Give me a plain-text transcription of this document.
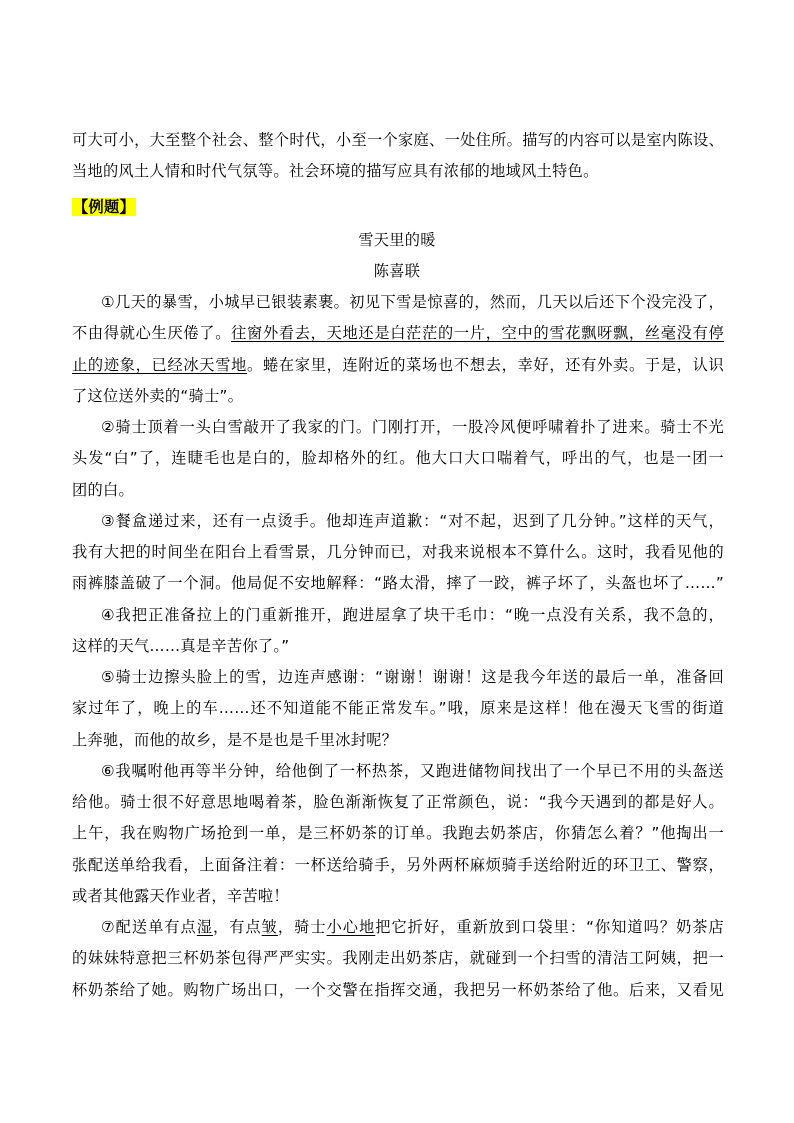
可大可小，大至整个社会、整个时代，小至一个家庭、一处住所。描写的内容可以是室内陈设、
当地的风土人情和时代气氛等。社会环境的描写应具有浓郁的地域风土特色。
【例题】
雪天里的暖
陈喜联
①几天的暴雪，小城早已银装素裹。初见下雪是惊喜的，然而，几天以后还下个没完没了，
不由得就心生厌倦了。往窗外看去，天地还是白茫茫的一片，空中的雪花飘呀飘，丝毫没有停
止的迹象，已经冰天雪地。蜷在家里，连附近的菜场也不想去，幸好，还有外卖。于是，认识
了这位送外卖的“骑士”。
②骑士顶着一头白雪敲开了我家的门。门刚打开，一股冷风便呼啸着扑了进来。骑士不光
头发“白”了，连睫毛也是白的，脸却格外的红。他大口大口喘着气，呼出的气，也是一团一
团的白。
③餐盒递过来，还有一点烫手。他却连声道歉：“对不起，迟到了几分钟。”这样的天气，
我有大把的时间坐在阳台上看雪景，几分钟而已，对我来说根本不算什么。这时，我看见他的
雨裤膝盖破了一个洞。他局促不安地解释：“路太滑，摔了一跤，裤子坏了，头盔也坏了……”
④我把正准备拉上的门重新推开，跑进屋拿了块干毛巾：“晚一点没有关系，我不急的，
这样的天气……真是辛苦你了。”
⑤骑士边擦头脸上的雪，边连声感谢：“谢谢！谢谢！这是我今年送的最后一单，准备回
家过年了，晚上的车……还不知道能不能正常发车。”哦，原来是这样！他在漫天飞雪的街道
上奔驰，而他的故乡，是不是也是千里冰封呢？
⑥我嘱咐他再等半分钟，给他倒了一杯热茶，又跑进储物间找出了一个早已不用的头盔送
给他。骑士很不好意思地喝着茶，脸色渐渐恢复了正常颜色，说：“我今天遇到的都是好人。
上午，我在购物广场抢到一单，是三杯奶茶的订单。我跑去奶茶店，你猜怎么着？”他掏出一
张配送单给我看，上面备注着：一杯送给骑手，另外两杯麻烦骑手送给附近的环卫工、警察，
或者其他露天作业者，辛苦啦！
⑦配送单有点湿，有点皱，骑士小心地把它折好，重新放到口袋里：“你知道吗？奶茶店
的妹妹特意把三杯奶茶包得严严实实。我刚走出奶茶店，就碰到一个扫雪的清洁工阿姨，把一
杯奶茶给了她。购物广场出口，一个交警在指挥交通，我把另一杯奶茶给了他。后来，又看见
